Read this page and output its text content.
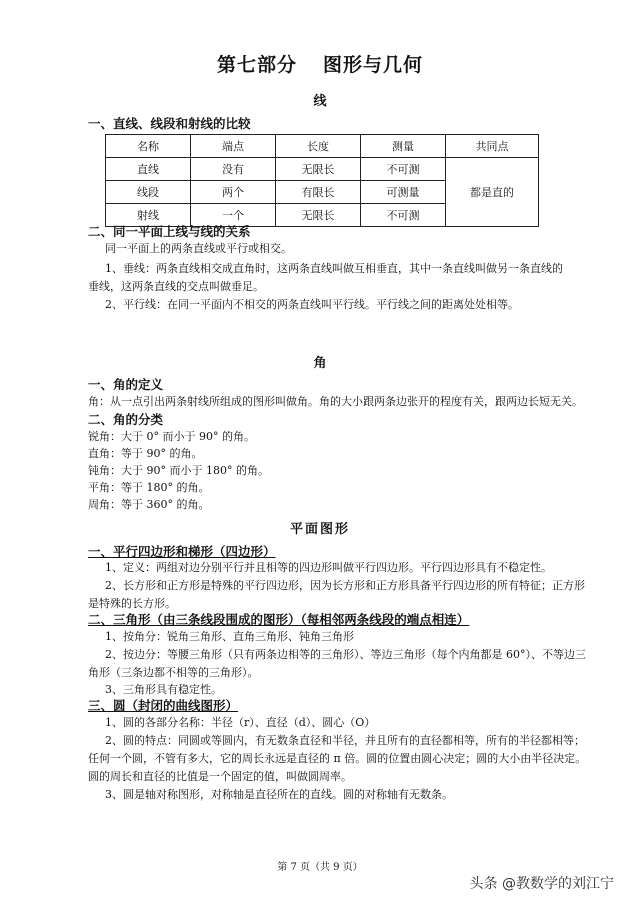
第七部分 图形与几何
线
一、直线、线段和射线的比较
名称	端点	长度	测量	共同点
直线	没有	无限长	不可测	都是直的
线段	两个	有限长	可测量	
射线	一个	无限长	不可测	
二、同一平面上线与线的关系
同一平面上的两条直线或平行或相交。
1、垂线：两条直线相交成直角时，这两条直线叫做互相垂直，其中一条直线叫做另一条直线的
垂线，这两条直线的交点叫做垂足。
2、平行线：在同一平面内不相交的两条直线叫平行线。平行线之间的距离处处相等。
角
一、角的定义
角：从一点引出两条射线所组成的图形叫做角。角的大小跟两条边张开的程度有关，跟两边长短无关。
二、角的分类
锐角：大于 0° 而小于 90° 的角。
直角：等于 90° 的角。
钝角：大于 90° 而小于 180° 的角。
平角：等于 180° 的角。
周角：等于 360° 的角。
平面图形
一、平行四边形和梯形（四边形）
1、定义：两组对边分别平行并且相等的四边形叫做平行四边形。平行四边形具有不稳定性。
2、长方形和正方形是特殊的平行四边形，因为长方形和正方形具备平行四边形的所有特征；正方形
是特殊的长方形。
二、三角形（由三条线段围成的图形）（每相邻两条线段的端点相连）
1、按角分：锐角三角形、直角三角形、钝角三角形
2、按边分：等腰三角形（只有两条边相等的三角形）、等边三角形（每个内角都是 60°）、不等边三
角形（三条边都不相等的三角形）。
3、三角形具有稳定性。
三、圆（封闭的曲线图形）
1、圆的各部分名称：半径（r）、直径（d）、圆心（O）
2、圆的特点：同圆或等圆内，有无数条直径和半径，并且所有的直径都相等，所有的半径都相等；
任何一个圆，不管有多大，它的周长永远是直径的 π 倍。圆的位置由圆心决定；圆的大小由半径决定。
圆的周长和直径的比值是一个固定的值，叫做圆周率。
3、圆是轴对称图形，对称轴是直径所在的直线。圆的对称轴有无数条。
第 7 页（共 9 页）
头条 @教数学的刘江宁
